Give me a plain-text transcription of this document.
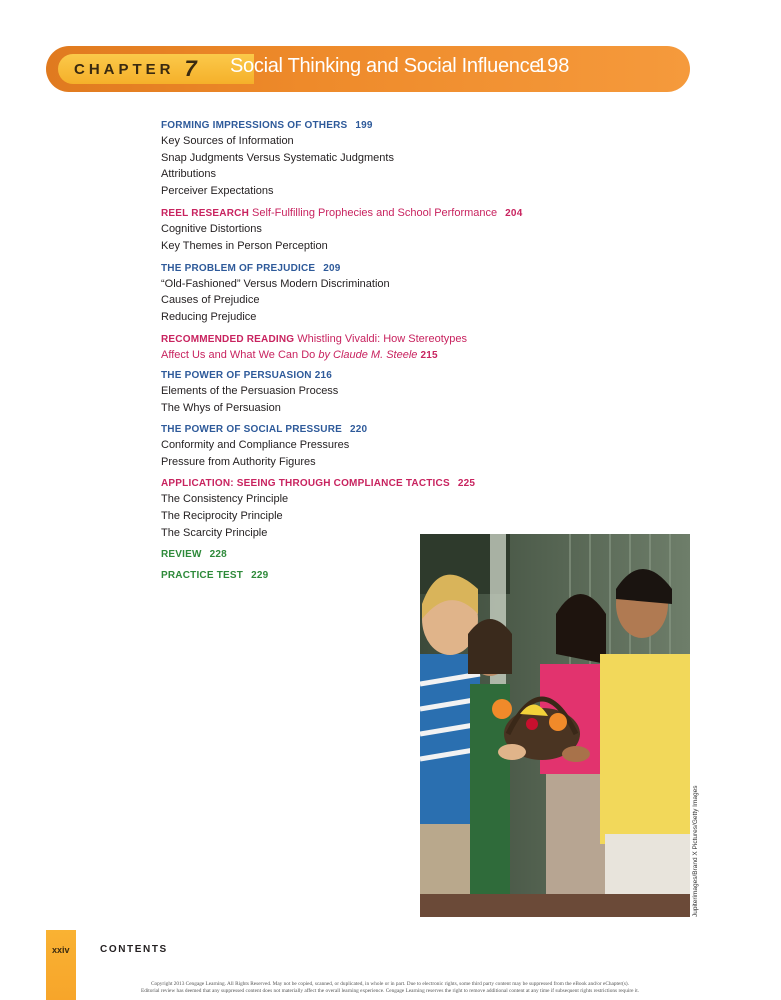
CHAPTER 7 Social Thinking and Social Influence
198
FORMING IMPRESSIONS OF OTHERS 199
Key Sources of Information
Snap Judgments Versus Systematic Judgments
Attributions
Perceiver Expectations
REEL RESEARCH Self-Fulfilling Prophecies and School Performance 204
Cognitive Distortions
Key Themes in Person Perception
THE PROBLEM OF PREJUDICE 209
“Old-Fashioned” Versus Modern Discrimination
Causes of Prejudice
Reducing Prejudice
RECOMMENDED READING Whistling Vivaldi: How Stereotypes
Affect Us and What We Can Do by Claude M. Steele 215
THE POWER OF PERSUASION 216
Elements of the Persuasion Process
The Whys of Persuasion
THE POWER OF SOCIAL PRESSURE 220
Conformity and Compliance Pressures
Pressure from Authority Figures
APPLICATION: SEEING THROUGH COMPLIANCE TACTICS 225
The Consistency Principle
The Reciprocity Principle
The Scarcity Principle
REVIEW 228
PRACTICE TEST 229
Jupiterimages/Brand X Pictures/Getty Images
xxiv	CONTENTS
Copyright 2013 Cengage Learning. All Rights Reserved. May not be copied, scanned, or duplicated, in whole or in part. Due to electronic rights, some third party content may be suppressed from the eBook and/or eChapter(s).
Editorial review has deemed that any suppressed content does not materially affect the overall learning experience. Cengage Learning reserves the right to remove additional content at any time if subsequent rights restrictions require it.
